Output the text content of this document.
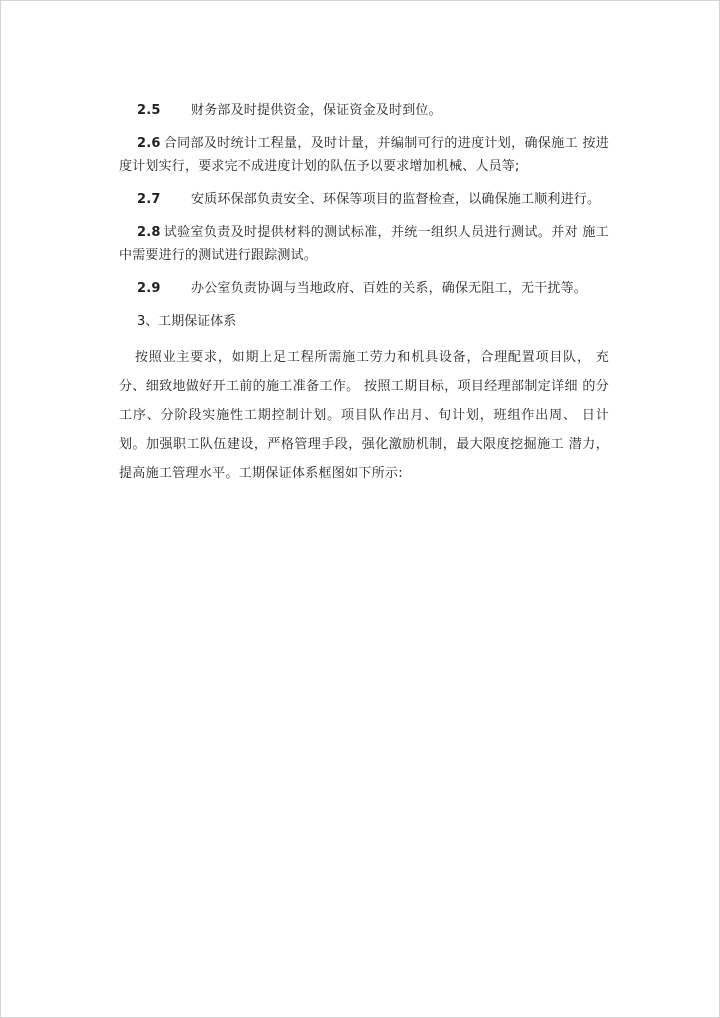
2.5 财务部及时提供资金，保证资金及时到位。

2.6 合同部及时统计工程量，及时计量，并编制可行的进度计划，确保施工 按进度计划实行，要求完不成进度计划的队伍予以要求增加机械、人员等;

2.7 安质环保部负责安全、环保等项目的监督检查，以确保施工顺利进行。

2.8 试验室负责及时提供材料的测试标准，并统一组织人员进行测试。并对 施工中需要进行的测试进行跟踪测试。

2.9 办公室负责协调与当地政府、百姓的关系，确保无阻工，无干扰等。

3、工期保证体系

按照业主要求，如期上足工程所需施工劳力和机具设备，合理配置项目队， 充分、细致地做好开工前的施工准备工作。 按照工期目标，项目经理部制定详细 的分工序、分阶段实施性工期控制计划。项目队作出月、旬计划，班组作出周、 日计划。加强职工队伍建设，严格管理手段，强化激励机制，最大限度挖掘施工 潜力，提高施工管理水平。工期保证体系框图如下所示:
